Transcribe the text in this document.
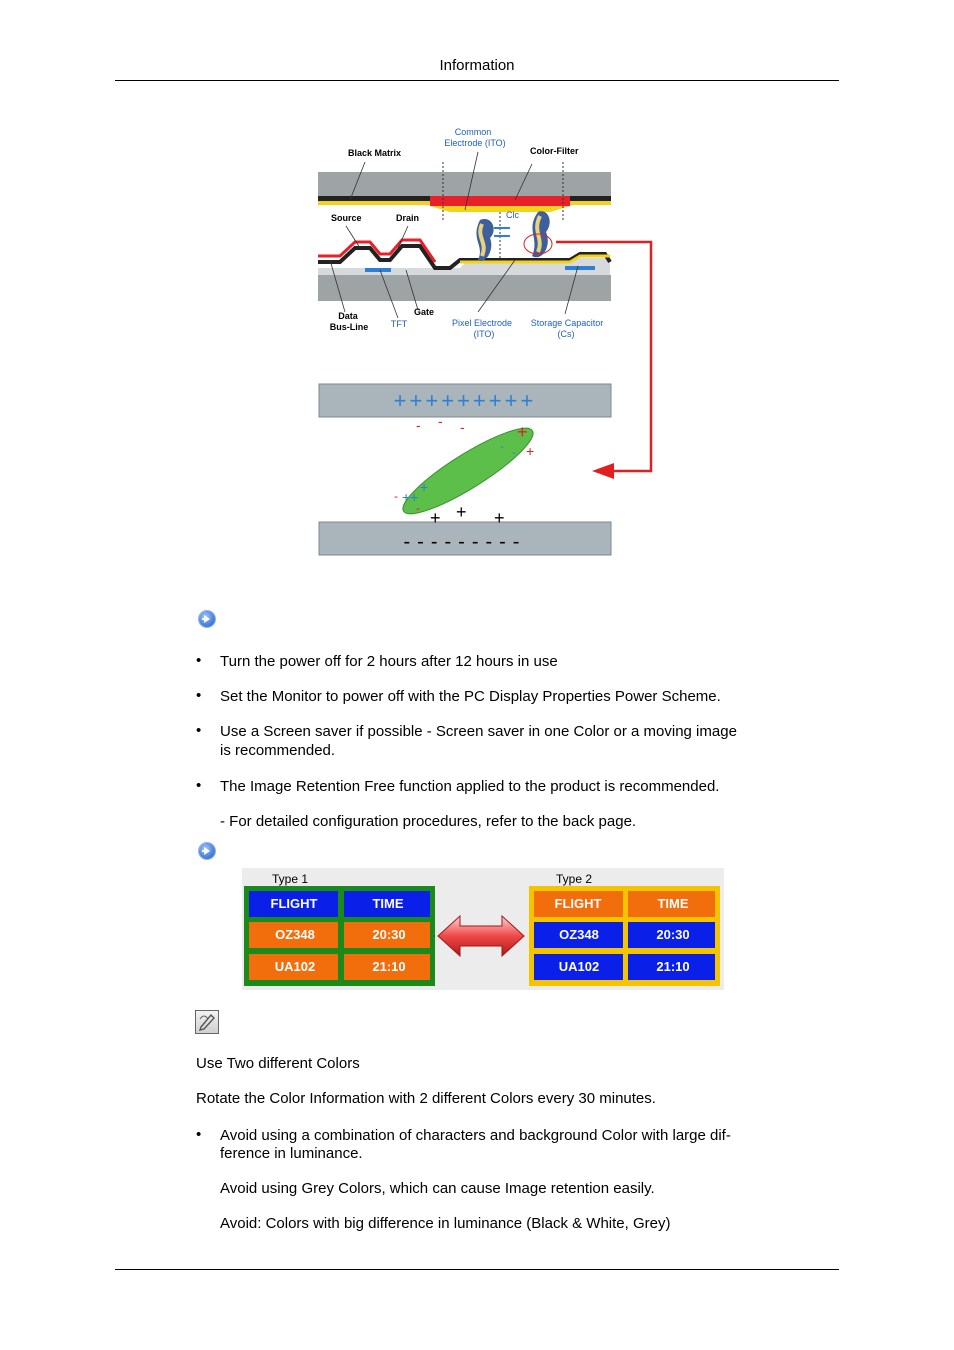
Information
Black Matrix
Common
Electrode (ITO)
Color-Filter
Source	Drain	Clc
Data
Bus-Line
Gate
TFT	Pixel Electrode
(ITO)
Storage Capacitor
(Cs)
+++++++++
---------
- - -	+
+
- -
- ++
+
- + + +
• Turn the power off for 2 hours after 12 hours in use
• Set the Monitor to power off with the PC Display Properties Power Scheme.
• Use a Screen saver if possible - Screen saver in one Color or a moving image
is recommended.
• The Image Retention Free function applied to the product is recommended.
- For detailed configuration procedures, refer to the back page.
Type 1	Type 2
FLIGHT	TIME
OZ348	20:30
UA102	21:10
FLIGHT	TIME
OZ348	20:30
UA102	21:10
Use Two different Colors
Rotate the Color Information with 2 different Colors every 30 minutes.
• Avoid using a combination of characters and background Color with large dif-
ference in luminance.
Avoid using Grey Colors, which can cause Image retention easily.
Avoid: Colors with big difference in luminance (Black & White, Grey)
